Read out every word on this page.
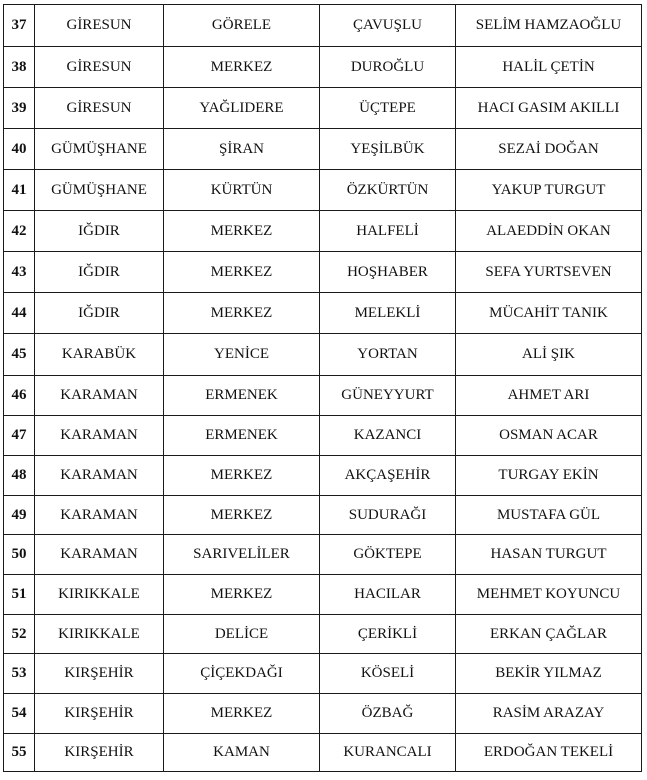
37	GİRESUN	GÖRELE	ÇAVUŞLU	SELİM HAMZAOĞLU
38	GİRESUN	MERKEZ	DUROĞLU	HALİL ÇETİN
39	GİRESUN	YAĞLIDERE	ÜÇTEPE	HACI GASIM AKILLI
40	GÜMÜŞHANE	ŞİRAN	YEŞİLBÜK	SEZAİ DOĞAN
41	GÜMÜŞHANE	KÜRTÜN	ÖZKÜRTÜN	YAKUP TURGUT
42	IĞDIR	MERKEZ	HALFELİ	ALAEDDİN OKAN
43	IĞDIR	MERKEZ	HOŞHABER	SEFA YURTSEVEN
44	IĞDIR	MERKEZ	MELEKLİ	MÜCAHİT TANIK
45	KARABÜK	YENİCE	YORTAN	ALİ ŞIK
46	KARAMAN	ERMENEK	GÜNEYYURT	AHMET ARI
47	KARAMAN	ERMENEK	KAZANCI	OSMAN ACAR
48	KARAMAN	MERKEZ	AKÇAŞEHİR	TURGAY EKİN
49	KARAMAN	MERKEZ	SUDURAĞI	MUSTAFA GÜL
50	KARAMAN	SARIVELİLER	GÖKTEPE	HASAN TURGUT
51	KIRIKKALE	MERKEZ	HACILAR	MEHMET KOYUNCU
52	KIRIKKALE	DELİCE	ÇERİKLİ	ERKAN ÇAĞLAR
53	KIRŞEHİR	ÇİÇEKDAĞI	KÖSELİ	BEKİR YILMAZ
54	KIRŞEHİR	MERKEZ	ÖZBAĞ	RASİM ARAZAY
55	KIRŞEHİR	KAMAN	KURANCALI	ERDOĞAN TEKELİ
